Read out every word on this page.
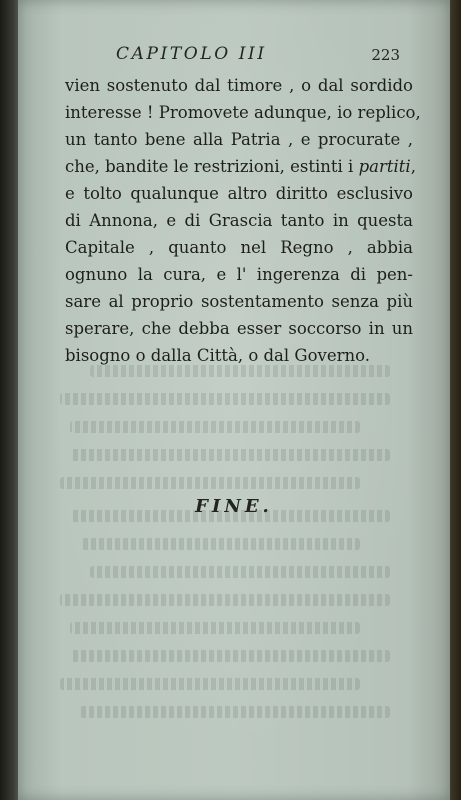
CAPITOLO III	223
vien sostenuto dal timore , o dal sordido
interesse ! Promovete adunque, io replico,
un tanto bene alla Patria , e procurate ,
che, bandite le restrizioni, estinti i partiti,
e tolto qualunque altro diritto esclusivo
di Annona, e di Grascia tanto in questa
Capitale , quanto nel Regno , abbia
ognuno la cura, e l' ingerenza di pen-
sare al proprio sostentamento senza più
sperare, che debba esser soccorso in un
bisogno o dalla Città, o dal Governo.
FINE.
